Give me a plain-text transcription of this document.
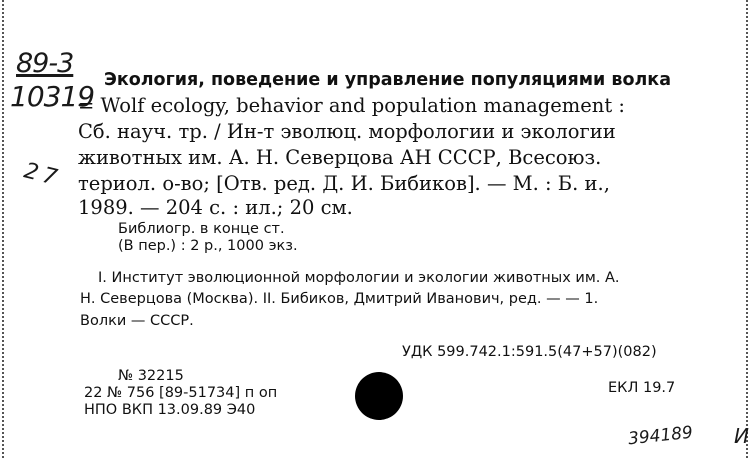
89-3
10319
2 7
Экология, поведение и управление популяциями волка
= Wolf ecology, behavior and population management :
Сб. науч. тр. / Ин-т эволюц. морфологии и экологии
животных им. А. Н. Северцова АН СССР, Всесоюз.
териол. о-во; [Отв. ред. Д. И. Бибиков]. — М. : Б. и.,
1989. — 204 с. : ил.; 20 см.
Библиогр. в конце ст.
(В пер.) : 2 р., 1000 экз.
I. Институт эволюционной морфологии и экологии животных им. А.
Н. Северцова (Москва). II. Бибиков, Дмитрий Иванович, ред. — — 1.
Волки — СССР.
УДК 599.742.1:591.5(47+57)(082)
№ 32215
22 № 756 [89-51734] п оп
НПО ВКП 13.09.89 Э40
ЕКЛ 19.7
394189 И
